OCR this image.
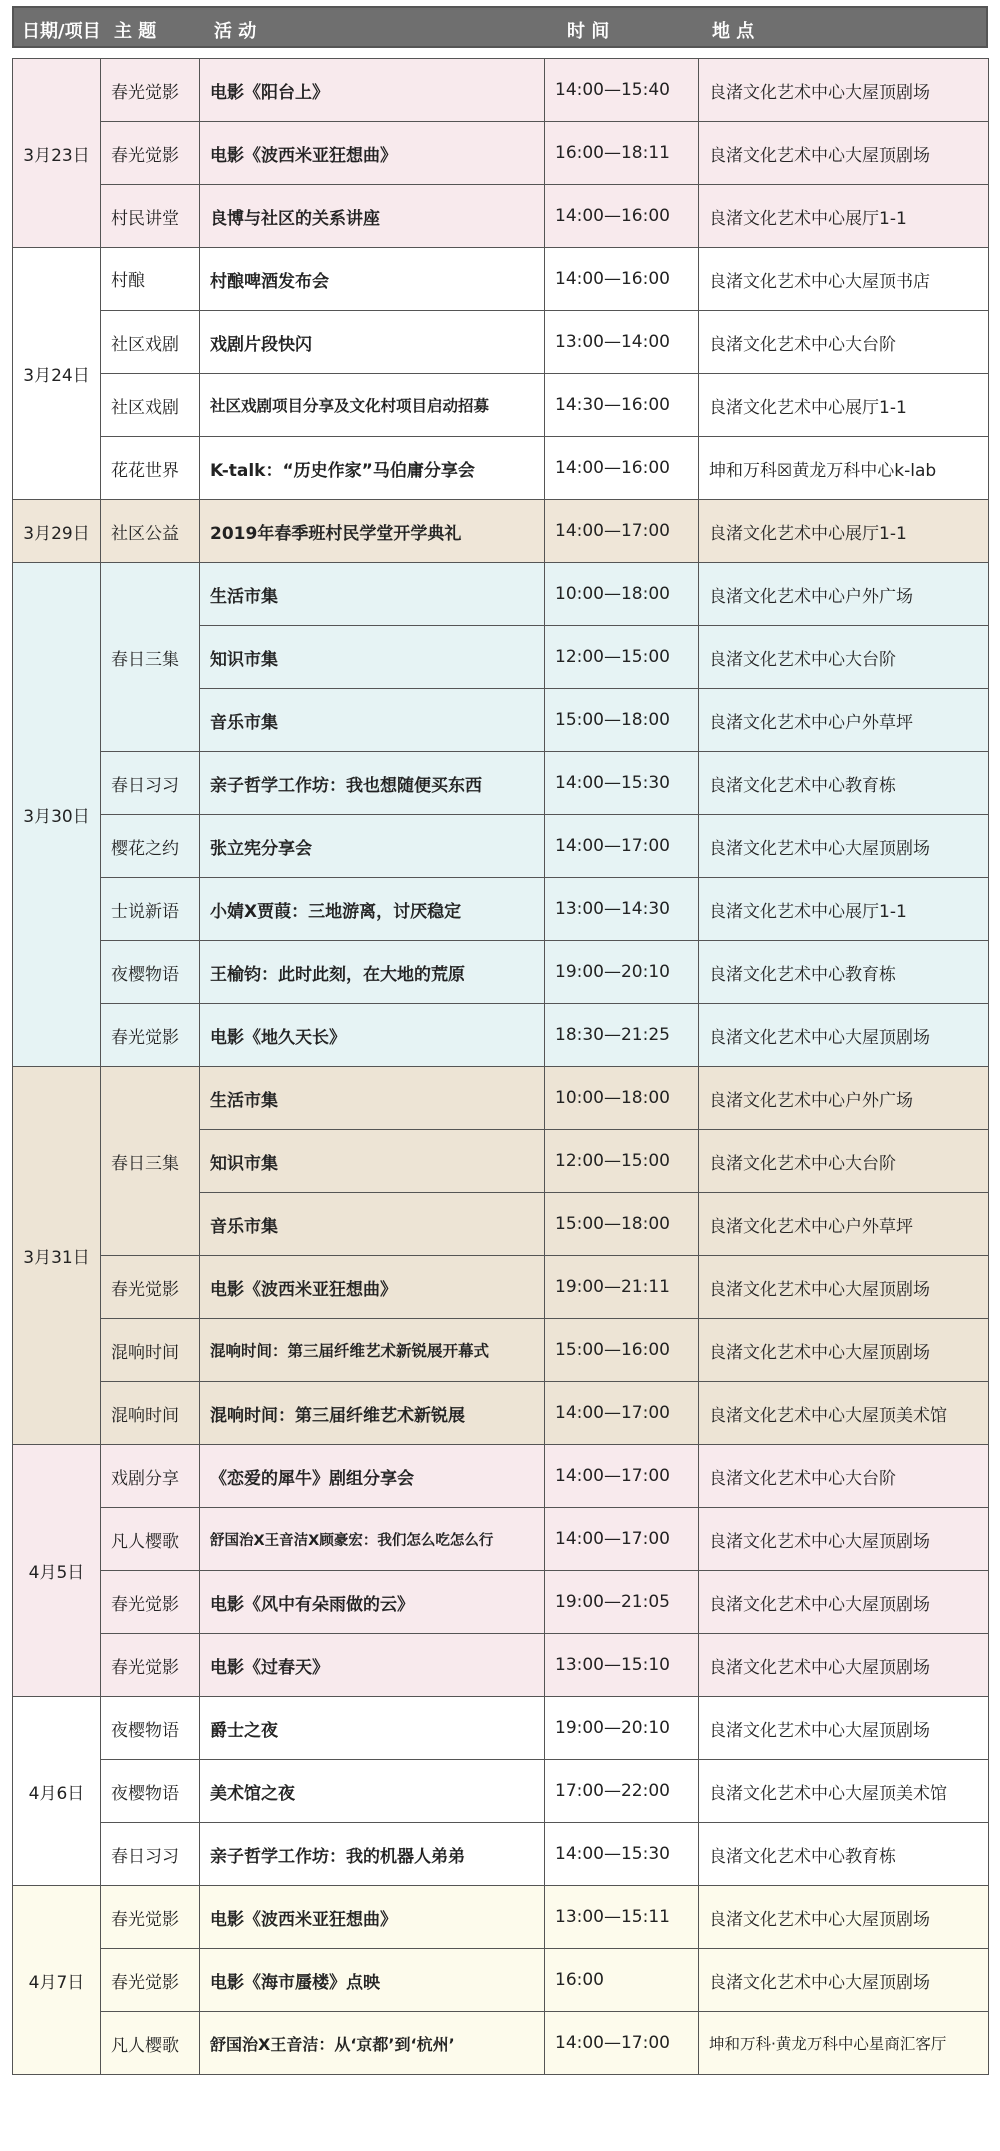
日期/项目 主 题	活 动	时 间	地 点
3月23日	春光觉影	电影《阳台上》	14:00—15:40	良渚文化艺术中心大屋顶剧场
	春光觉影	电影《波西米亚狂想曲》	16:00—18:11	良渚文化艺术中心大屋顶剧场
	村民讲堂	良博与社区的关系讲座	14:00—16:00	良渚文化艺术中心展厅1-1
3月24日	村酿	村酿啤酒发布会	14:00—16:00	良渚文化艺术中心大屋顶书店
	社区戏剧	戏剧片段快闪	13:00—14:00	良渚文化艺术中心大台阶
	社区戏剧	社区戏剧项目分享及文化村项目启动招募	14:30—16:00	良渚文化艺术中心展厅1-1
	花花世界	K-talk：“历史作家”马伯庸分享会	14:00—16:00	坤和万科☒黄龙万科中心k-lab
3月29日	社区公益	2019年春季班村民学堂开学典礼	14:00—17:00	良渚文化艺术中心展厅1-1
3月30日	春日三集	生活市集	10:00—18:00	良渚文化艺术中心户外广场
		知识市集	12:00—15:00	良渚文化艺术中心大台阶
		音乐市集	15:00—18:00	良渚文化艺术中心户外草坪
	春日习习	亲子哲学工作坊：我也想随便买东西	14:00—15:30	良渚文化艺术中心教育栋
	樱花之约	张立宪分享会	14:00—17:00	良渚文化艺术中心大屋顶剧场
	士说新语	小婧X贾葭：三地游离，讨厌稳定	13:00—14:30	良渚文化艺术中心展厅1-1
	夜樱物语	王榆钧：此时此刻，在大地的荒原	19:00—20:10	良渚文化艺术中心教育栋
	春光觉影	电影《地久天长》	18:30—21:25	良渚文化艺术中心大屋顶剧场
3月31日	春日三集	生活市集	10:00—18:00	良渚文化艺术中心户外广场
		知识市集	12:00—15:00	良渚文化艺术中心大台阶
		音乐市集	15:00—18:00	良渚文化艺术中心户外草坪
	春光觉影	电影《波西米亚狂想曲》	19:00—21:11	良渚文化艺术中心大屋顶剧场
	混响时间	混响时间：第三届纤维艺术新锐展开幕式	15:00—16:00	良渚文化艺术中心大屋顶剧场
	混响时间	混响时间：第三届纤维艺术新锐展	14:00—17:00	良渚文化艺术中心大屋顶美术馆
4月5日	戏剧分享	《恋爱的犀牛》剧组分享会	14:00—17:00	良渚文化艺术中心大台阶
	凡人樱歌	舒国治X王音洁X顾豪宏：我们怎么吃怎么行	14:00—17:00	良渚文化艺术中心大屋顶剧场
	春光觉影	电影《风中有朵雨做的云》	19:00—21:05	良渚文化艺术中心大屋顶剧场
	春光觉影	电影《过春天》	13:00—15:10	良渚文化艺术中心大屋顶剧场
4月6日	夜樱物语	爵士之夜	19:00—20:10	良渚文化艺术中心大屋顶剧场
	夜樱物语	美术馆之夜	17:00—22:00	良渚文化艺术中心大屋顶美术馆
	春日习习	亲子哲学工作坊：我的机器人弟弟	14:00—15:30	良渚文化艺术中心教育栋
4月7日	春光觉影	电影《波西米亚狂想曲》	13:00—15:11	良渚文化艺术中心大屋顶剧场
	春光觉影	电影《海市蜃楼》点映	16:00	良渚文化艺术中心大屋顶剧场
	凡人樱歌	舒国治X王音洁：从‘京都’到‘杭州’	14:00—17:00	坤和万科·黄龙万科中心星商汇客厅
